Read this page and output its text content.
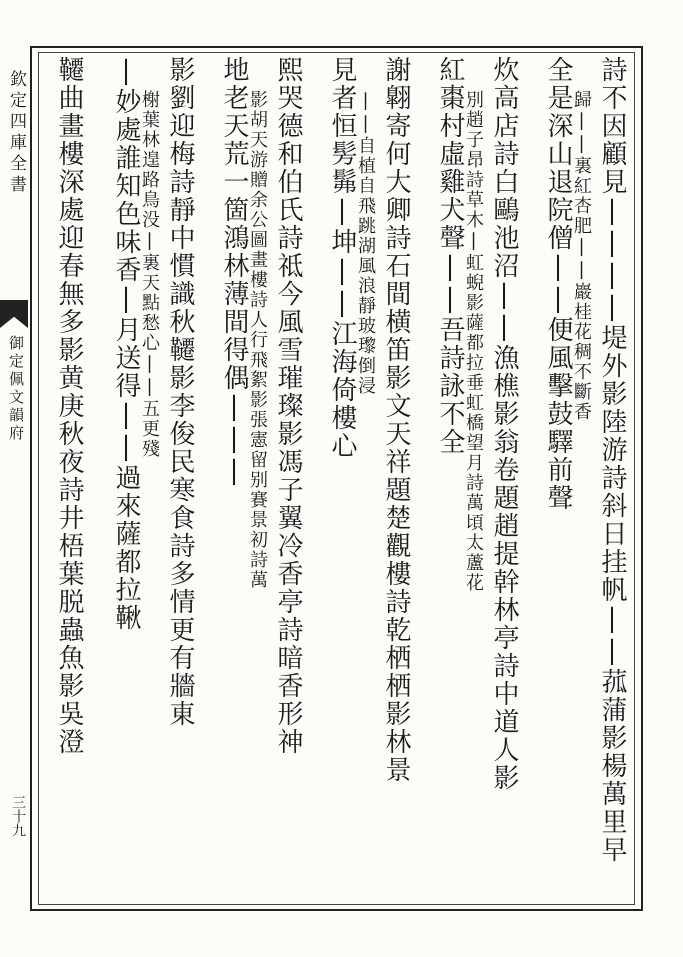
欽定四庫全書
御定佩文韻府
三十九	詩不因顧見||||堤外影陸游詩斜日挂帆||菰蒲影楊萬里早
全是深山退院僧||便風擊鼓驛前聲
炊高店詩白鷗池沼||漁樵影翁卷題趙提幹林亭詩中道人影
紅棗村虛雞犬聲||吾詩詠不全
謝翺寄何大卿詩石間横笛影文天祥題楚觀樓詩乾栖栖影林景
見者恒髣髴|坤||江海倚樓心
熙哭德和伯氏詩祗今風雪璀璨影馮子翼冷香亭詩暗香形神
地老天荒一箇鴻林薄間得偶|||
影劉迎梅詩靜中慣識秋韆影李俊民寒食詩多情更有牆東
|妙處誰知色味香|月送得||過來薩都拉鞦
韆曲畫樓深處迎春無多影黄庚秋夜詩井梧葉脱蟲魚影吳澄	歸||裏紅杏肥||巖桂花稠不斷香
別趙子昂詩草木|虹蜺影薩都拉垂虹橋望月詩萬頃太蘆花
||自植自飛跳湖風浪靜玻瓈倒浸
影胡天游贈余公圖畫樓詩人行飛絮影張憲留别賽景初詩萬
榭葉林遑路鳥没|裏天點愁心||五更殘
